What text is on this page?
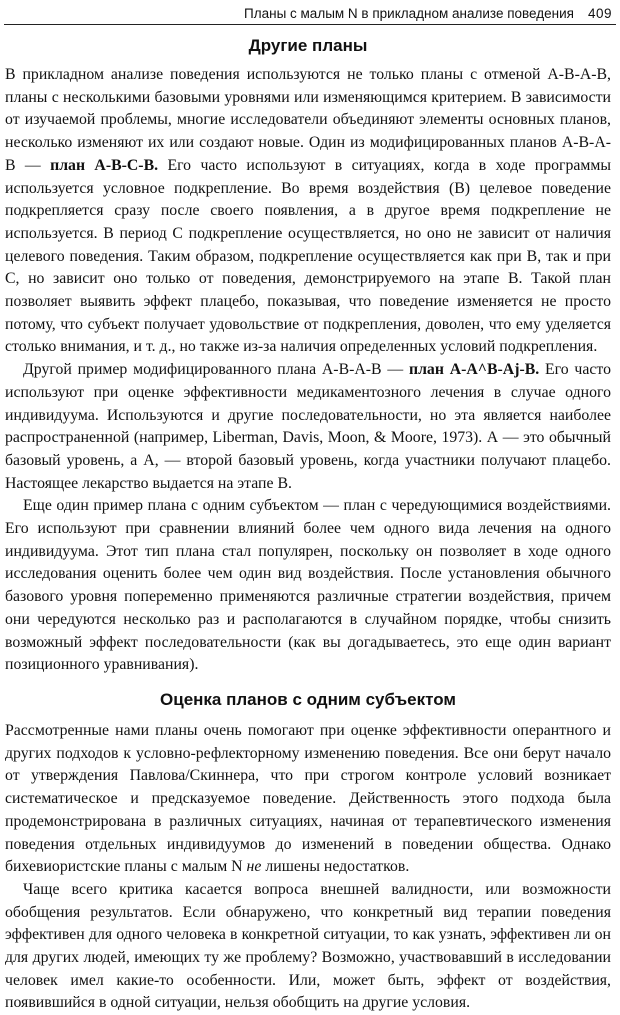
Планы с малым N в прикладном анализе поведения 409
Другие планы

В прикладном анализе поведения используются не только планы с отменой А-В-А-В, планы с несколькими базовыми уровнями или изменяющимся критерием. В зависимости от изучаемой проблемы, многие исследователи объединяют элементы основных планов, несколько изменяют их или создают новые. Один из модифицированных планов А-В-А-В — план А-В-С-В. Его часто используют в ситуациях, когда в ходе программы используется условное подкрепление. Во время воздействия (В) целевое поведение подкрепляется сразу после своего появления, а в другое время подкрепление не используется. В период С подкрепление осуществляется, но оно не зависит от наличия целевого поведения. Таким образом, подкрепление осуществляется как при В, так и при С, но зависит оно только от поведения, демонстрируемого на этапе В. Такой план позволяет выявить эффект плацебо, показывая, что поведение изменяется не просто потому, что субъект получает удовольствие от подкрепления, доволен, что ему уделяется столько внимания, и т. д., но также из-за наличия определенных условий подкрепления.

Другой пример модифицированного плана А-В-А-В — план А-А^В-Аj-В. Его часто используют при оценке эффективности медикаментозного лечения в случае одного индивидуума. Используются и другие последовательности, но эта является наиболее распространенной (например, Liberman, Davis, Moon, & Moore, 1973). А — это обычный базовый уровень, а А, — второй базовый уровень, когда участники получают плацебо. Настоящее лекарство выдается на этапе В.

Еще один пример плана с одним субъектом — план с чередующимися воздействиями. Его используют при сравнении влияний более чем одного вида лечения на одного индивидуума. Этот тип плана стал популярен, поскольку он позволяет в ходе одного исследования оценить более чем один вид воздействия. После установления обычного базового уровня попеременно применяются различные стратегии воздействия, причем они чередуются несколько раз и располагаются в случайном порядке, чтобы снизить возможный эффект последовательности (как вы догадываетесь, это еще один вариант позиционного уравнивания).

Оценка планов с одним субъектом

Рассмотренные нами планы очень помогают при оценке эффективности оперантного и других подходов к условно-рефлекторному изменению поведения. Все они берут начало от утверждения Павлова/Скиннера, что при строгом контроле условий возникает систематическое и предсказуемое поведение. Действенность этого подхода была продемонстрирована в различных ситуациях, начиная от терапевтического изменения поведения отдельных индивидуумов до изменений в поведении общества. Однако бихевиористские планы с малым N не лишены недостатков.

Чаще всего критика касается вопроса внешней валидности, или возможности обобщения результатов. Если обнаружено, что конкретный вид терапии поведения эффективен для одного человека в конкретной ситуации, то как узнать, эффективен ли он для других людей, имеющих ту же проблему? Возможно, участвовавший в исследовании человек имел какие-то особенности. Или, может быть, эффект от воздействия, появившийся в одной ситуации, нельзя обобщить на другие условия.
